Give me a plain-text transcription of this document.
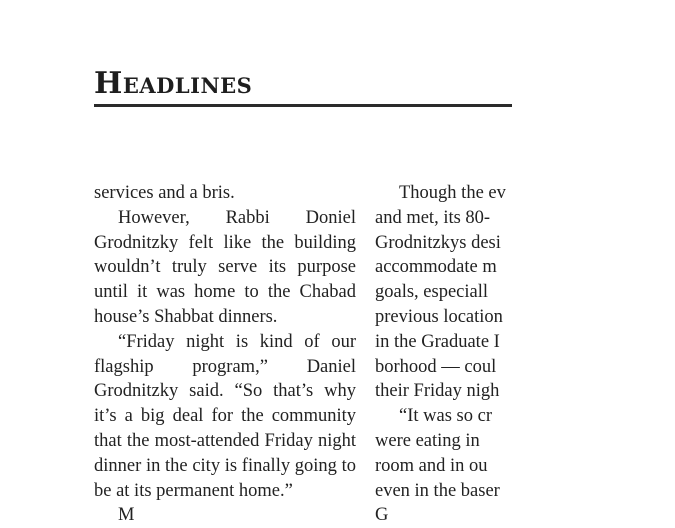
Headlines

services and a bris.

However, Rabbi Doniel Grodnitzky felt like the building wouldn’t truly serve its purpose until it was home to the Chabad house’s Shabbat dinners.

“Friday night is kind of our flagship program,” Daniel Grodnitzky said. “So that’s why it’s a big deal for the community that the most-attended Friday night dinner in the city is finally going to be at its permanent home.”

M

Though the ev
and met, its 80-
Grodnitzkys desi
accommodate m
goals, especiall
previous location
in the Graduate I
borhood — coul
their Friday nigh
“It was so cr
were eating in
room and in ou
even in the baser
G
